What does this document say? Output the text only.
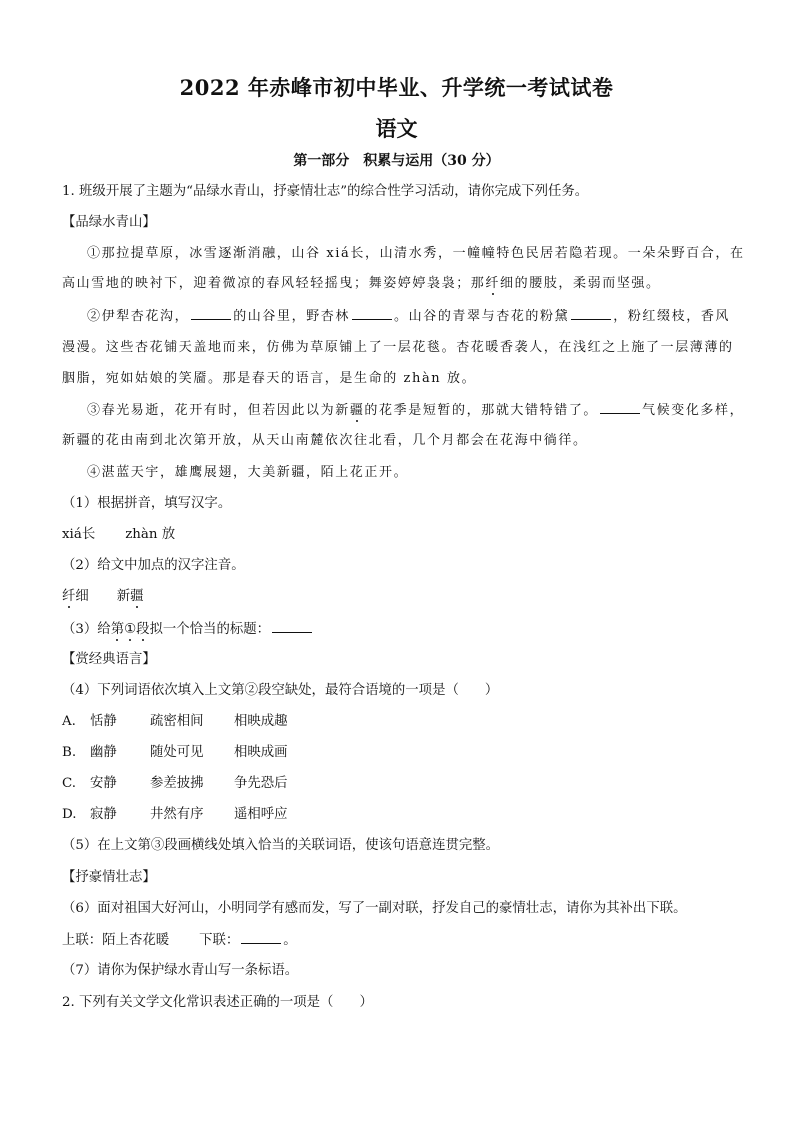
2022 年赤峰市初中毕业、升学统一考试试卷
语文
第一部分　积累与运用（30 分）
1. 班级开展了主题为“品绿水青山，抒豪情壮志”的综合性学习活动，请你完成下列任务。
【品绿水青山】
①那拉提草原，冰雪逐渐消融，山谷 xiá长，山清水秀，一幢幢特色民居若隐若现。一朵朵野百合，在
高山雪地的映衬下，迎着微凉的春风轻轻摇曳；舞姿婷婷袅袅；那纤细的腰肢，柔弱而坚强。
②伊犁杏花沟，	的山谷里，野杏林	。山谷的青翠与杏花的粉黛	，粉红缀枝，香风
漫漫。这些杏花铺天盖地而来，仿佛为草原铺上了一层花毯。杏花暖香袭人，在浅红之上施了一层薄薄的
胭脂，宛如姑娘的笑靥。那是春天的语言，是生命的 zhàn 放。
③春光易逝，花开有时，但若因此以为新疆的花季是短暂的，那就大错特错了。	气候变化多样，
新疆的花由南到北次第开放，从天山南麓依次往北看，几个月都会在花海中徜徉。
④湛蓝天宇，雄鹰展翅，大美新疆，陌上花正开。
（1）根据拼音，填写汉字。
xiá长 zhàn 放
（2）给文中加点的汉字注音。
纤细 新疆
（3）给第①段拟一个恰当的标题：
【赏经典语言】
（4）下列词语依次填入上文第②段空缺处，最符合语境的一项是（ ）
A. 恬静 疏密相间 相映成趣
B. 幽静 随处可见 相映成画
C. 安静 参差披拂 争先恐后
D. 寂静 井然有序 遥相呼应
（5）在上文第③段画横线处填入恰当的关联词语，使该句语意连贯完整。
【抒豪情壮志】
（6）面对祖国大好河山，小明同学有感而发，写了一副对联，抒发自己的豪情壮志，请你为其补出下联。
上联：陌上杏花暖 下联：	。
（7）请你为保护绿水青山写一条标语。
2. 下列有关文学文化常识表述正确的一项是（ ）
